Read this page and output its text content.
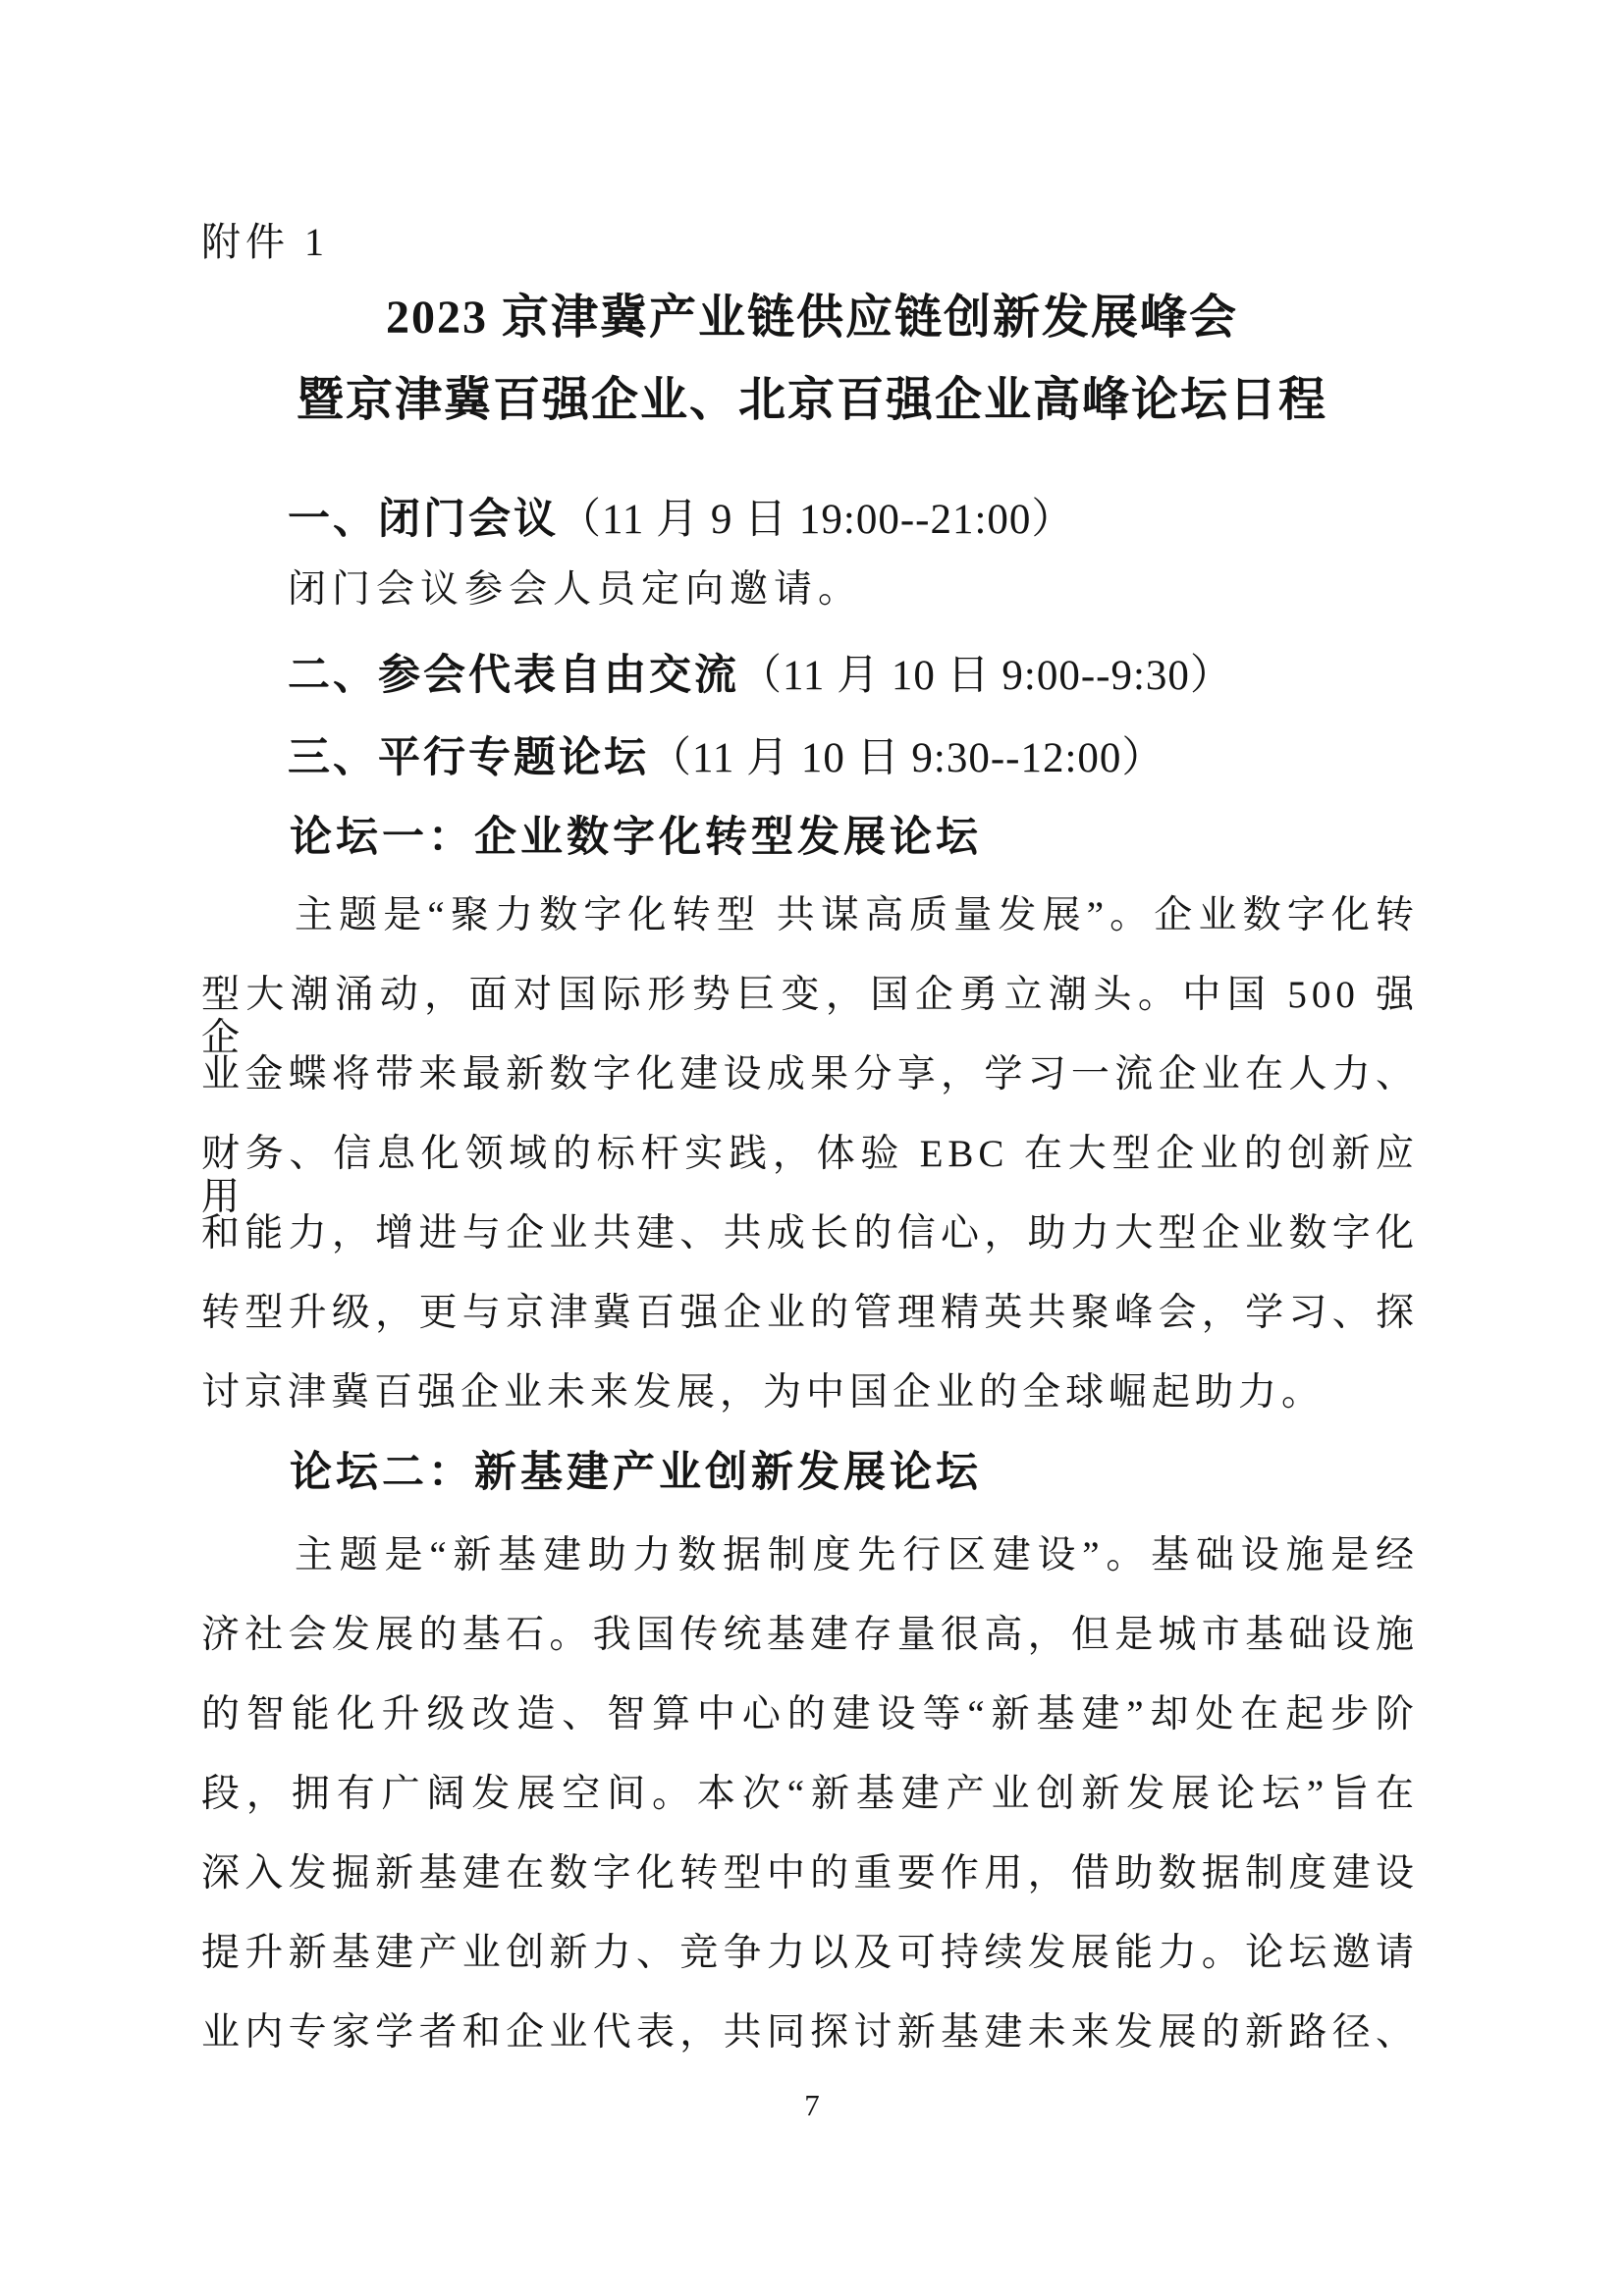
附件 1
2023 京津冀产业链供应链创新发展峰会
暨京津冀百强企业、北京百强企业高峰论坛日程
一、闭门会议（11 月 9 日 19:00--21:00）
闭门会议参会人员定向邀请。
二、参会代表自由交流（11 月 10 日 9:00--9:30）
三、平行专题论坛（11 月 10 日 9:30--12:00）
论坛一：企业数字化转型发展论坛
主题是“聚力数字化转型 共谋高质量发展”。企业数字化转
型大潮涌动，面对国际形势巨变，国企勇立潮头。中国 500 强企
业金蝶将带来最新数字化建设成果分享，学习一流企业在人力、
财务、信息化领域的标杆实践，体验 EBC 在大型企业的创新应用
和能力，增进与企业共建、共成长的信心，助力大型企业数字化
转型升级，更与京津冀百强企业的管理精英共聚峰会，学习、探
讨京津冀百强企业未来发展，为中国企业的全球崛起助力。
论坛二：新基建产业创新发展论坛
主题是“新基建助力数据制度先行区建设”。基础设施是经
济社会发展的基石。我国传统基建存量很高，但是城市基础设施
的智能化升级改造、智算中心的建设等“新基建”却处在起步阶
段，拥有广阔发展空间。本次“新基建产业创新发展论坛”旨在
深入发掘新基建在数字化转型中的重要作用，借助数据制度建设
提升新基建产业创新力、竞争力以及可持续发展能力。论坛邀请
业内专家学者和企业代表，共同探讨新基建未来发展的新路径、
7
